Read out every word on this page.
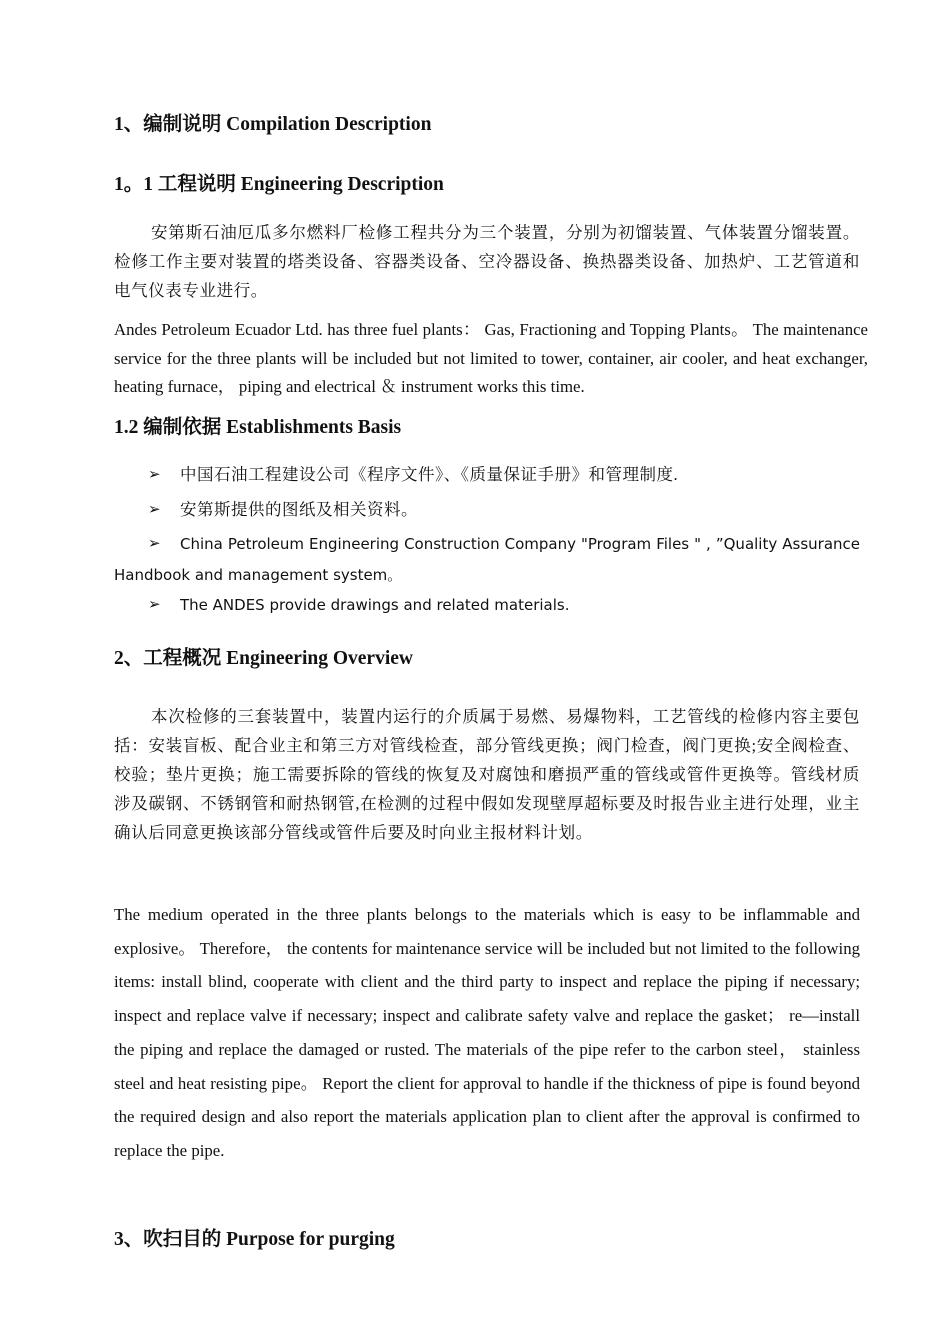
1、编制说明 Compilation Description
1。1 工程说明 Engineering Description

安第斯石油厄瓜多尔燃料厂检修工程共分为三个装置，分别为初馏装置、气体装置分馏装置。检修工作主要对装置的塔类设备、容器类设备、空冷器设备、换热器类设备、加热炉、工艺管道和电气仪表专业进行。

Andes Petroleum Ecuador Ltd. has three fuel plants： Gas, Fractioning and Topping Plants。 The maintenance service for the three plants will be included but not limited to tower, container, air cooler, and heat exchanger, heating furnace， piping and electrical ＆ instrument works this time.

1.2 编制依据 Establishments Basis
➢	中国石油工程建设公司《程序文件》、《质量保证手册》和管理制度.
➢	安第斯提供的图纸及相关资料。
➢	China Petroleum Engineering Construction Company "Program Files " , ”Quality Assurance Handbook and management system。
➢	The ANDES provide drawings and related materials.
2、工程概况 Engineering Overview

本次检修的三套装置中，装置内运行的介质属于易燃、易爆物料，工艺管线的检修内容主要包括：安装盲板、配合业主和第三方对管线检查，部分管线更换；阀门检查，阀门更换;安全阀检查、校验；垫片更换；施工需要拆除的管线的恢复及对腐蚀和磨损严重的管线或管件更换等。管线材质涉及碳钢、不锈钢管和耐热钢管,在检测的过程中假如发现壁厚超标要及时报告业主进行处理，业主确认后同意更换该部分管线或管件后要及时向业主报材料计划。

The medium operated in the three plants belongs to the materials which is easy to be inflammable and explosive。 Therefore， the contents for maintenance service will be included but not limited to the following items: install blind, cooperate with client and the third party to inspect and replace the piping if necessary; inspect and replace valve if necessary; inspect and calibrate safety valve and replace the gasket； re—install the piping and replace the damaged or rusted. The materials of the pipe refer to the carbon steel， stainless steel and heat resisting pipe。 Report the client for approval to handle if the thickness of pipe is found beyond the required design and also report the materials application plan to client after the approval is confirmed to replace the pipe.

3、吹扫目的 Purpose for purging
